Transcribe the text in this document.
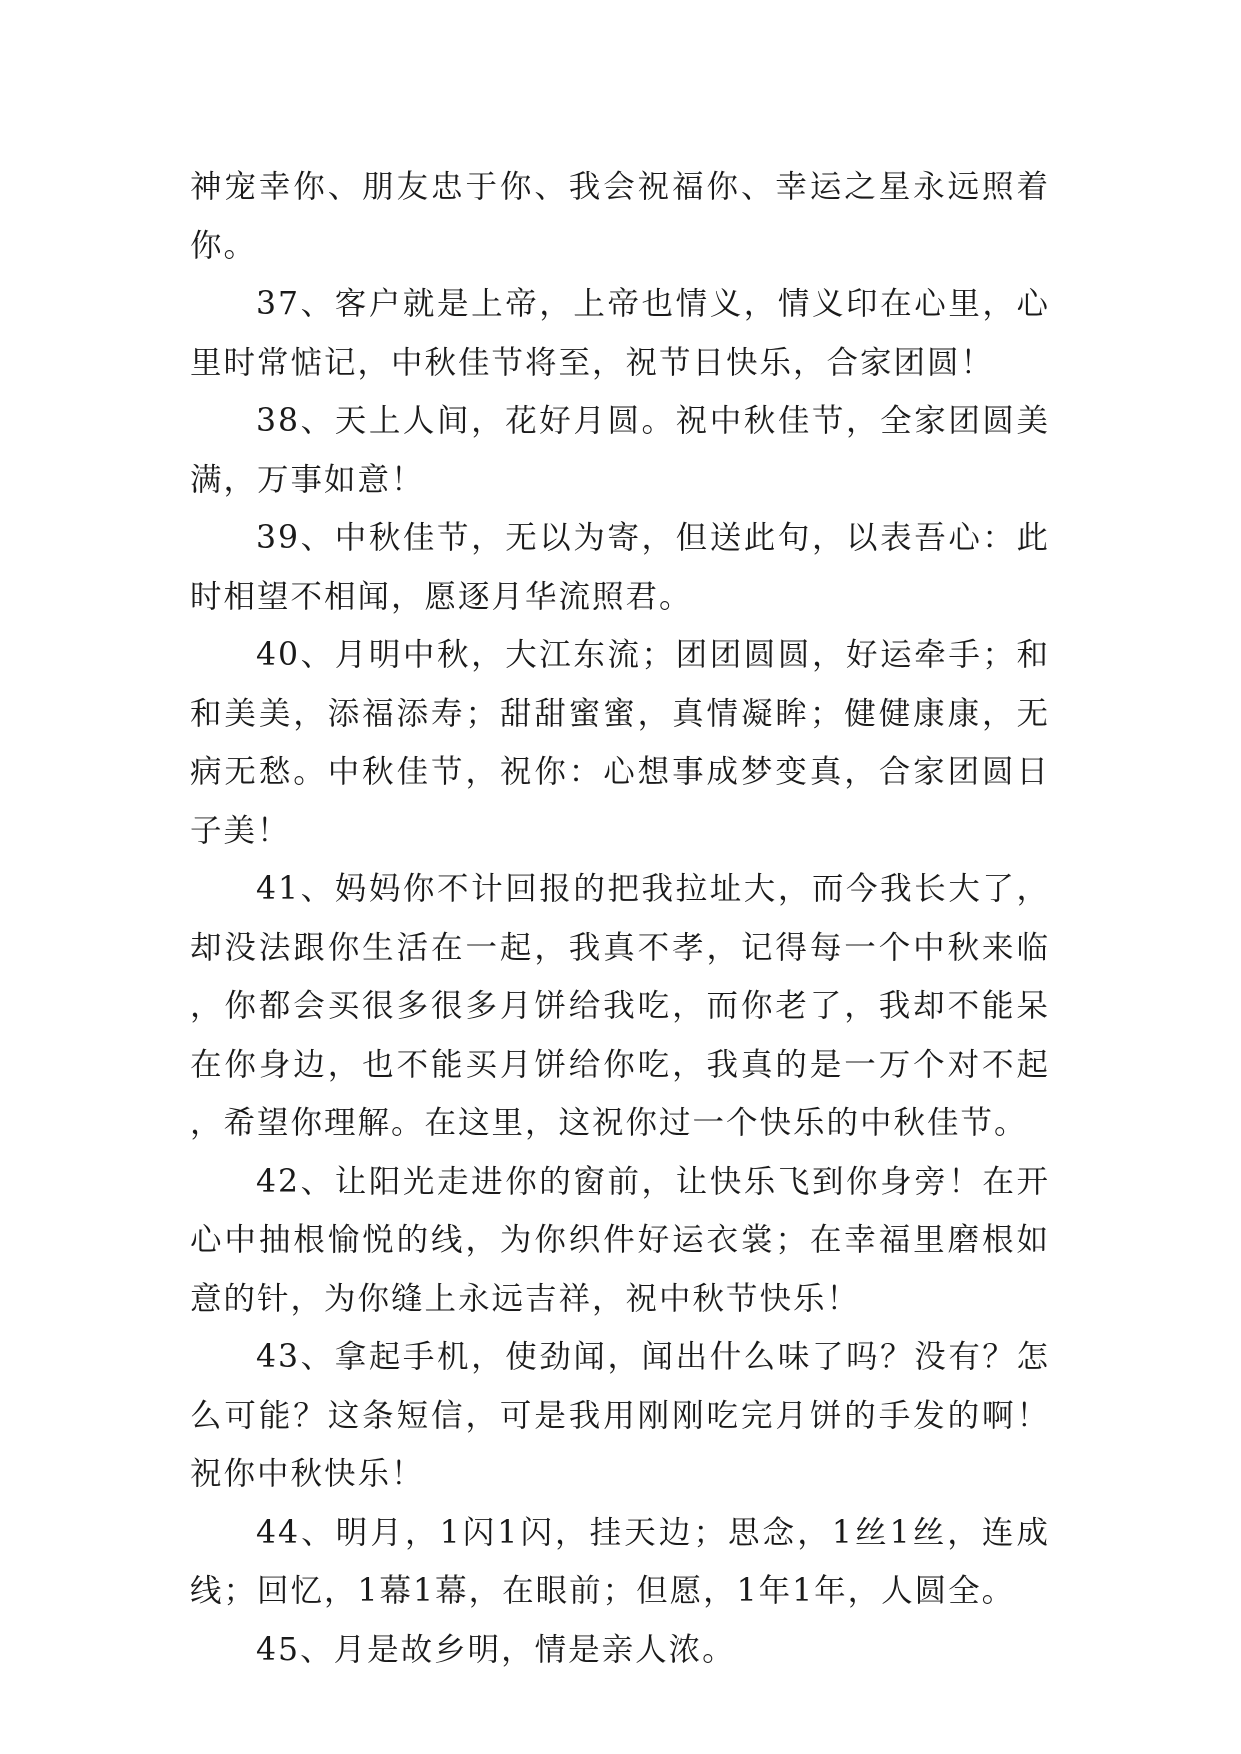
神宠幸你、朋友忠于你、我会祝福你、幸运之星永远照着你。

37、客户就是上帝，上帝也情义，情义印在心里，心里时常惦记，中秋佳节将至，祝节日快乐，合家团圆！

38、天上人间，花好月圆。祝中秋佳节，全家团圆美满，万事如意！

39、中秋佳节，无以为寄，但送此句，以表吾心：此时相望不相闻，愿逐月华流照君。

40、月明中秋，大江东流；团团圆圆，好运牵手；和和美美，添福添寿；甜甜蜜蜜，真情凝眸；健健康康，无病无愁。中秋佳节，祝你：心想事成梦变真，合家团圆日子美！

41、妈妈你不计回报的把我拉址大，而今我长大了，却没法跟你生活在一起，我真不孝，记得每一个中秋来临，你都会买很多很多月饼给我吃，而你老了，我却不能呆在你身边，也不能买月饼给你吃，我真的是一万个对不起，希望你理解。在这里，这祝你过一个快乐的中秋佳节。

42、让阳光走进你的窗前，让快乐飞到你身旁！在开心中抽根愉悦的线，为你织件好运衣裳；在幸福里磨根如意的针，为你缝上永远吉祥，祝中秋节快乐！

43、拿起手机，使劲闻，闻出什么味了吗？没有？怎么可能？这条短信，可是我用刚刚吃完月饼的手发的啊！祝你中秋快乐！

44、明月，1闪1闪，挂天边；思念，1丝1丝，连成线；回忆，1幕1幕，在眼前；但愿，1年1年，人圆全。

45、月是故乡明，情是亲人浓。
